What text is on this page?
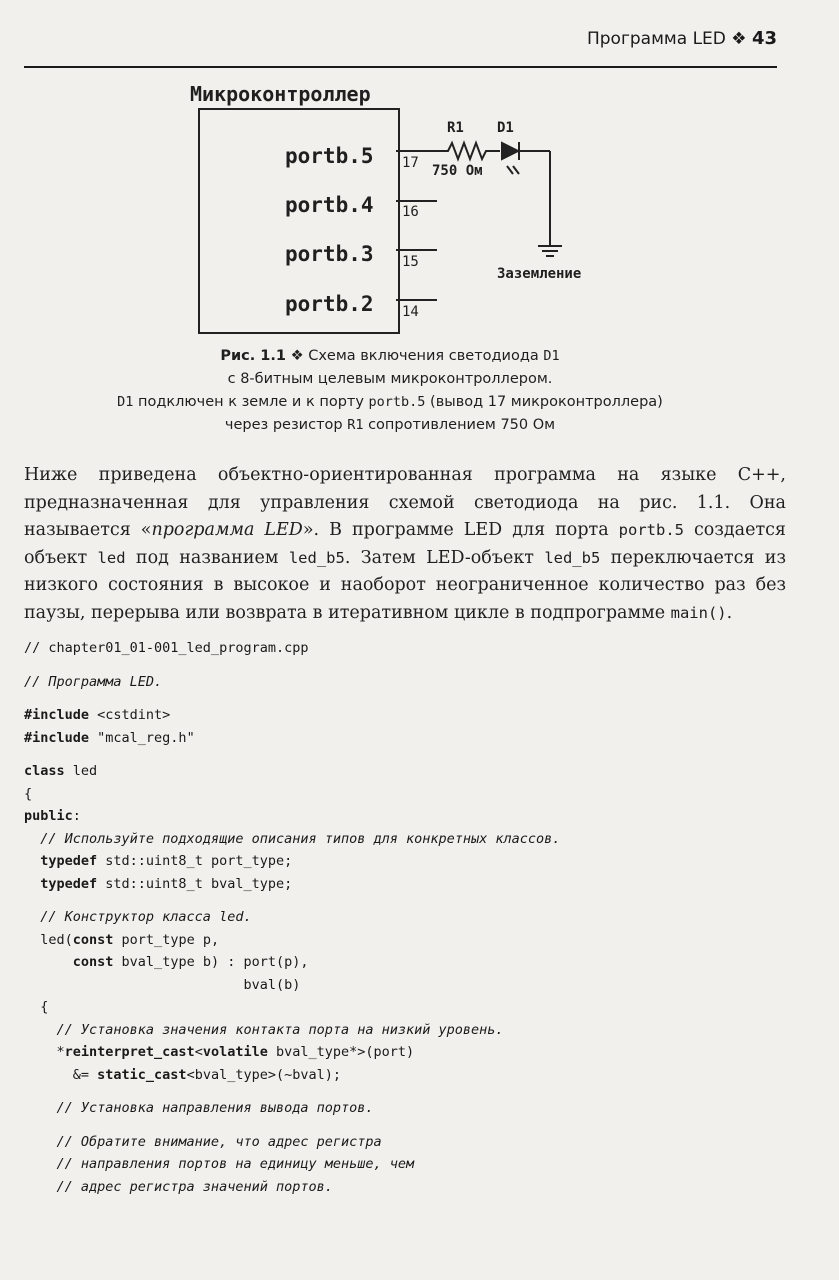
Программа LED ❖ 43
Микроконтроллер
portb.5
portb.4
portb.3
portb.2
17
16
15
14
R1 D1
750 Ом
Заземление
Рис. 1.1 ❖ Схема включения светодиода D1
с 8-битным целевым микроконтроллером.
D1 подключен к земле и к порту portb.5 (вывод 17 микроконтроллера)
через резистор R1 сопротивлением 750 Ом
Ниже приведена объектно-ориентированная программа на языке C++, предназначенная для управления схемой светодиода на рис. 1.1. Она называется «программа LED». В программе LED для порта portb.5 создается объект led под названием led_b5. Затем LED-объект led_b5 переключается из низкого состояния в высокое и наоборот неограниченное количество раз без паузы, перерыва или возврата в итеративном цикле в подпрограмме main().
// chapter01_01-001_led_program.cpp
// Программа LED.
#include <cstdint>
#include "mcal_reg.h"
class led
{
public:
// Используйте подходящие описания типов для конкретных классов.
typedef std::uint8_t port_type;
typedef std::uint8_t bval_type;
// Конструктор класса led.
led(const port_type p,
const bval_type b) : port(p),
bval(b)
{
// Установка значения контакта порта на низкий уровень.
*reinterpret_cast<volatile bval_type*>(port)
&= static_cast<bval_type>(~bval);
// Установка направления вывода портов.
// Обратите внимание, что адрес регистра
// направления портов на единицу меньше, чем
// адрес регистра значений портов.
